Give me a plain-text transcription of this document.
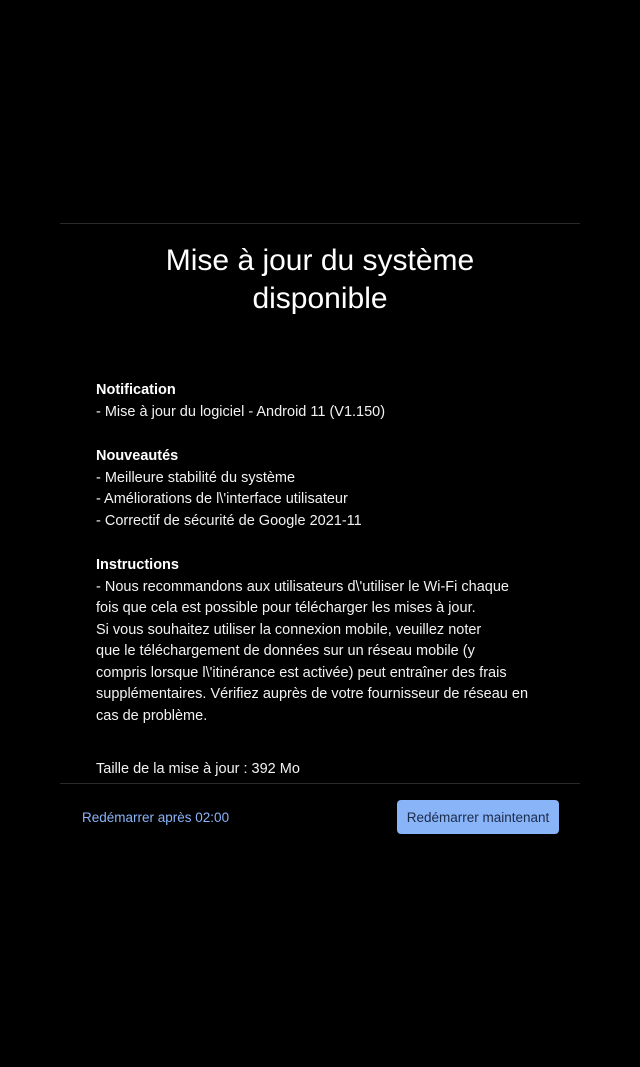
Mise à jour du système
disponible
Notification
- Mise à jour du logiciel - Android 11 (V1.150)
Nouveautés
- Meilleure stabilité du système
- Améliorations de l\'interface utilisateur
- Correctif de sécurité de Google 2021-11
Instructions
- Nous recommandons aux utilisateurs d\'utiliser le Wi-Fi chaque
fois que cela est possible pour télécharger les mises à jour.
Si vous souhaitez utiliser la connexion mobile, veuillez noter
que le téléchargement de données sur un réseau mobile (y
compris lorsque l\'itinérance est activée) peut entraîner des frais
supplémentaires. Vérifiez auprès de votre fournisseur de réseau en
cas de problème.
Taille de la mise à jour : 392 Mo
Redémarrer après 02:00	Redémarrer maintenant
